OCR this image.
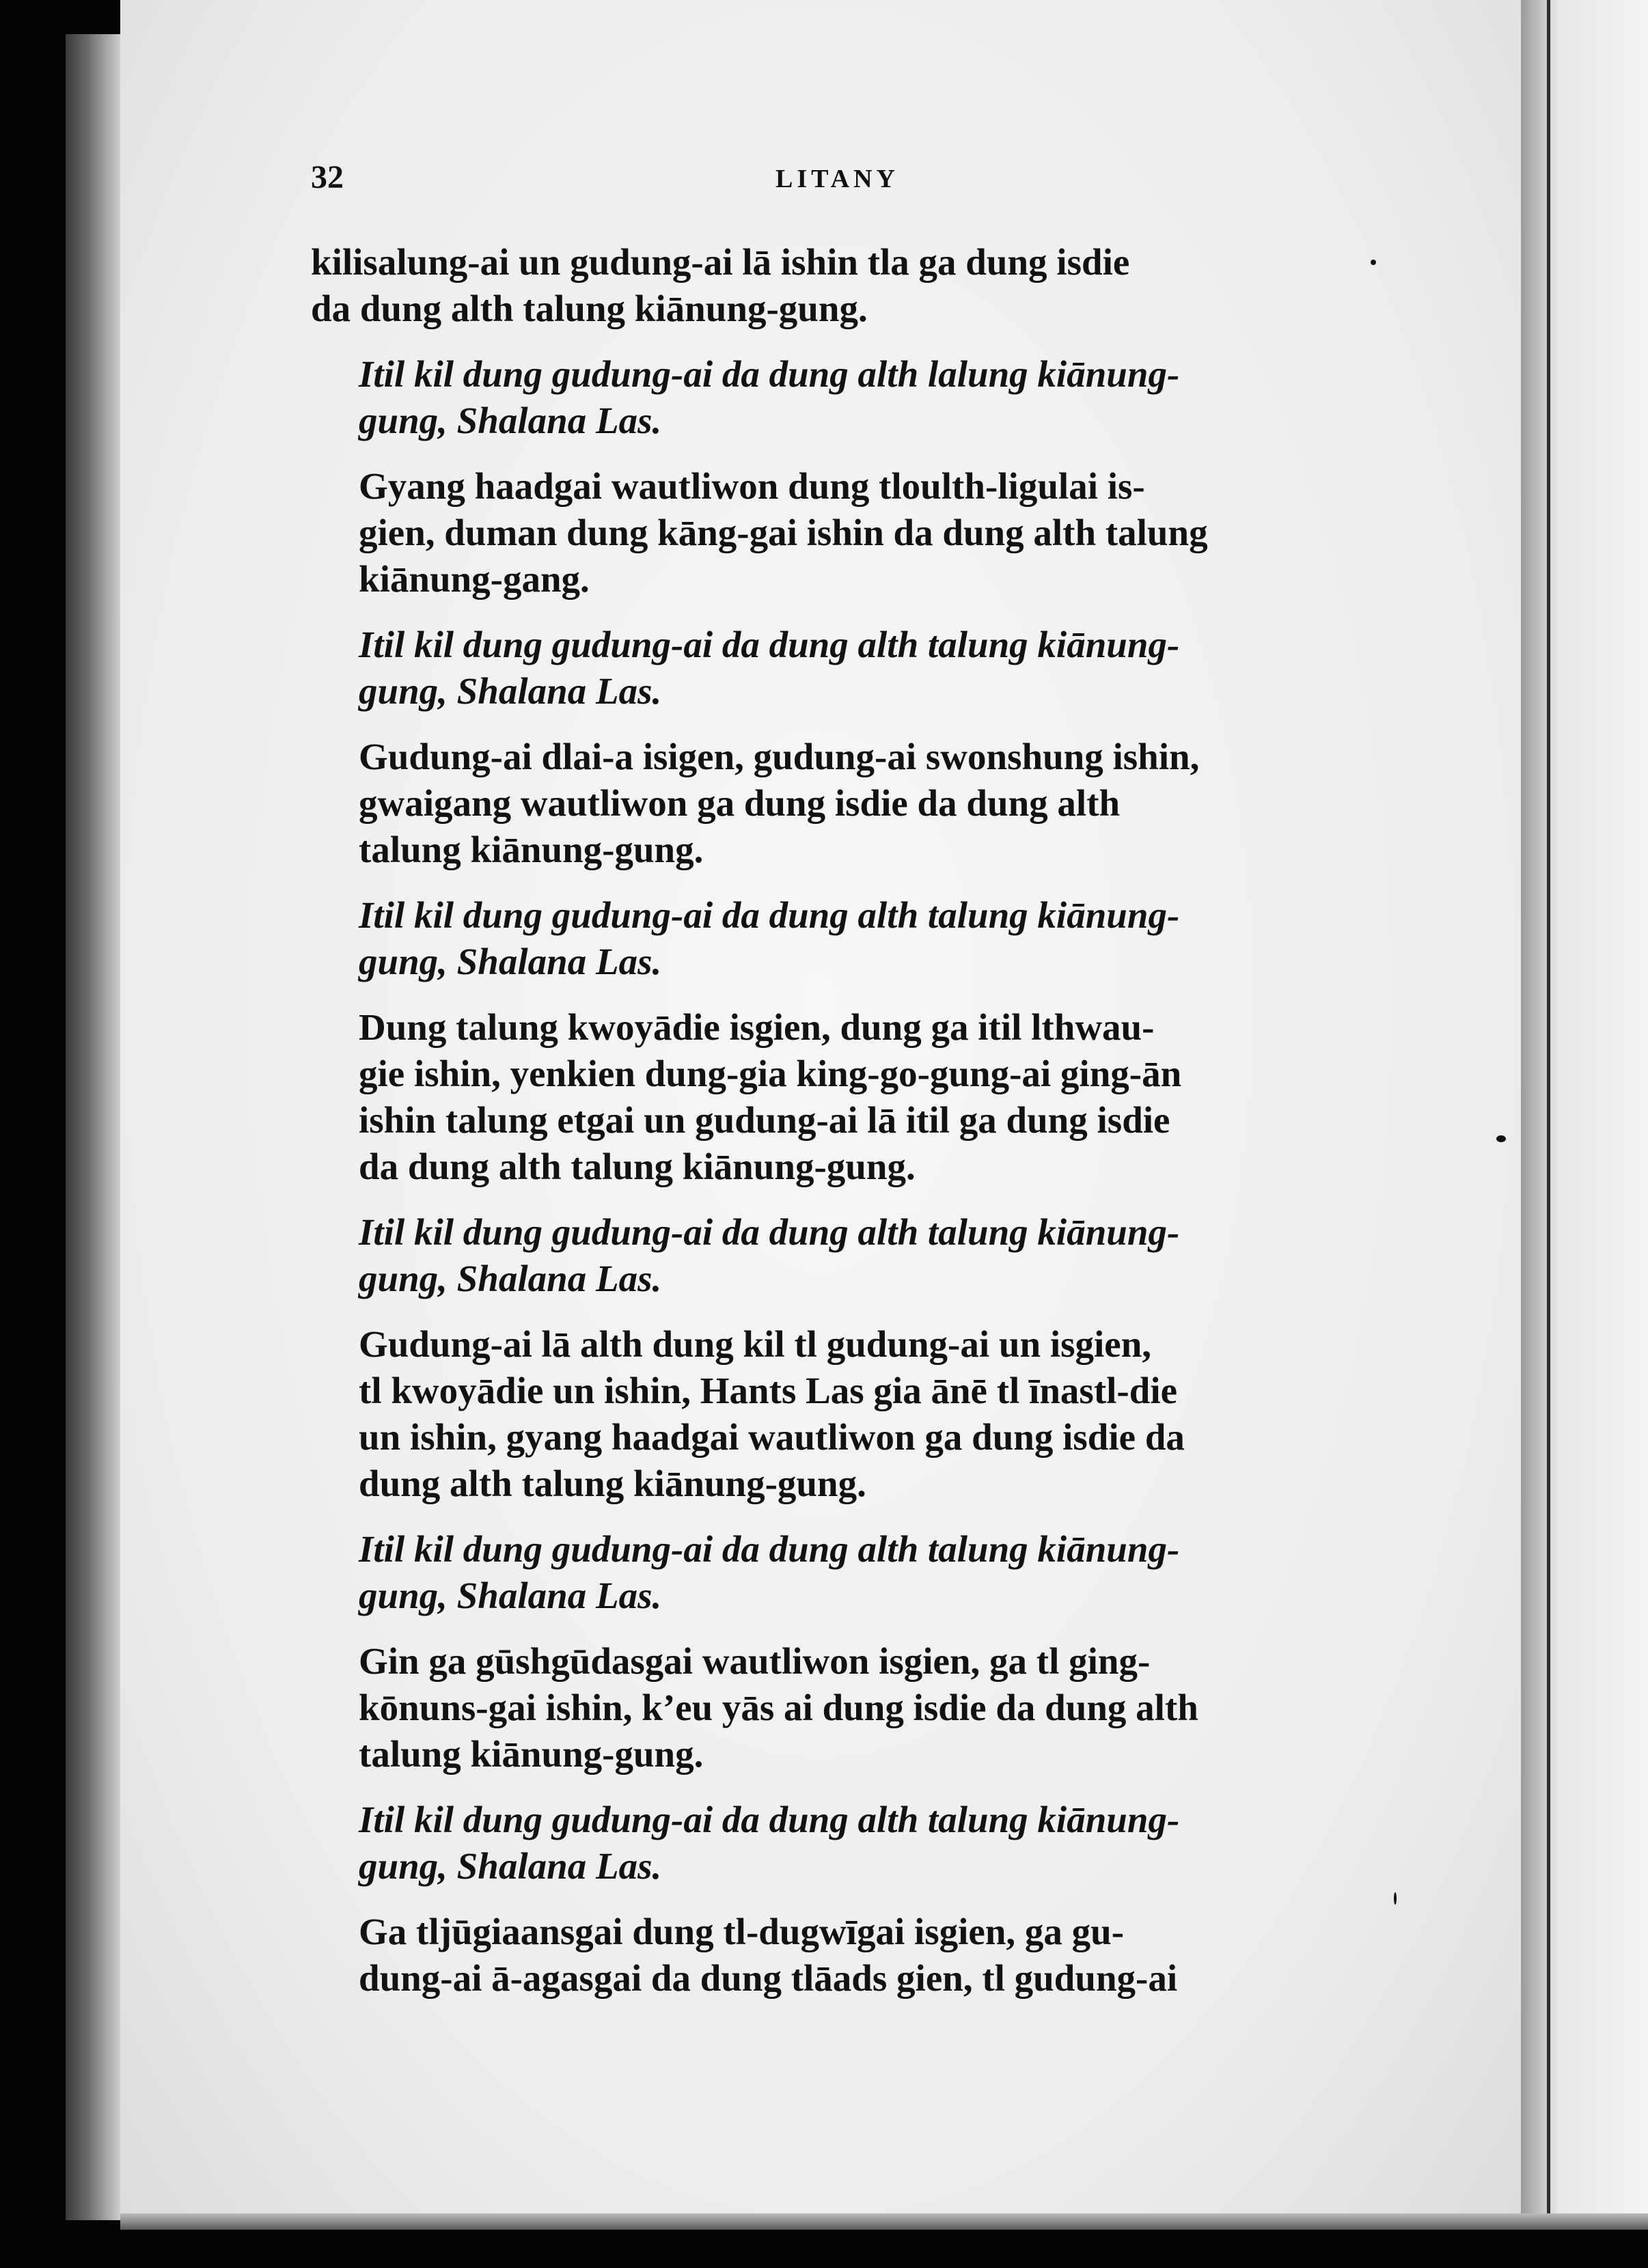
32	LITANY

kilisalung-ai un gudung-ai lā ishin tla ga dung isdie
da dung alth talung kiānung-gung.

Itil kil dung gudung-ai da dung alth lalung kiānung-
gung, Shalana Las.

Gyang haadgai wautliwon dung tloulth-ligulai is-
gien, duman dung kāng-gai ishin da dung alth talung
kiānung-gang.

Itil kil dung gudung-ai da dung alth talung kiānung-
gung, Shalana Las.

Gudung-ai dlai-a isigen, gudung-ai swonshung ishin,
gwaigang wautliwon ga dung isdie da dung alth
talung kiānung-gung.

Itil kil dung gudung-ai da dung alth talung kiānung-
gung, Shalana Las.

Dung talung kwoyādie isgien, dung ga itil lthwau-
gie ishin, yenkien dung-gia king-go-gung-ai ging-ān
ishin talung etgai un gudung-ai lā itil ga dung isdie
da dung alth talung kiānung-gung.

Itil kil dung gudung-ai da dung alth talung kiānung-
gung, Shalana Las.

Gudung-ai lā alth dung kil tl gudung-ai un isgien,
tl kwoyādie un ishin, Hants Las gia ānē tl īnastl-die
un ishin, gyang haadgai wautliwon ga dung isdie da
dung alth talung kiānung-gung.

Itil kil dung gudung-ai da dung alth talung kiānung-
gung, Shalana Las.

Gin ga gūshgūdasgai wautliwon isgien, ga tl ging-
kōnuns-gai ishin, k’eu yās ai dung isdie da dung alth
talung kiānung-gung.

Itil kil dung gudung-ai da dung alth talung kiānung-
gung, Shalana Las.

Ga tljūgiaansgai dung tl-dugwīgai isgien, ga gu-
dung-ai ā-agasgai da dung tlāads gien, tl gudung-ai
